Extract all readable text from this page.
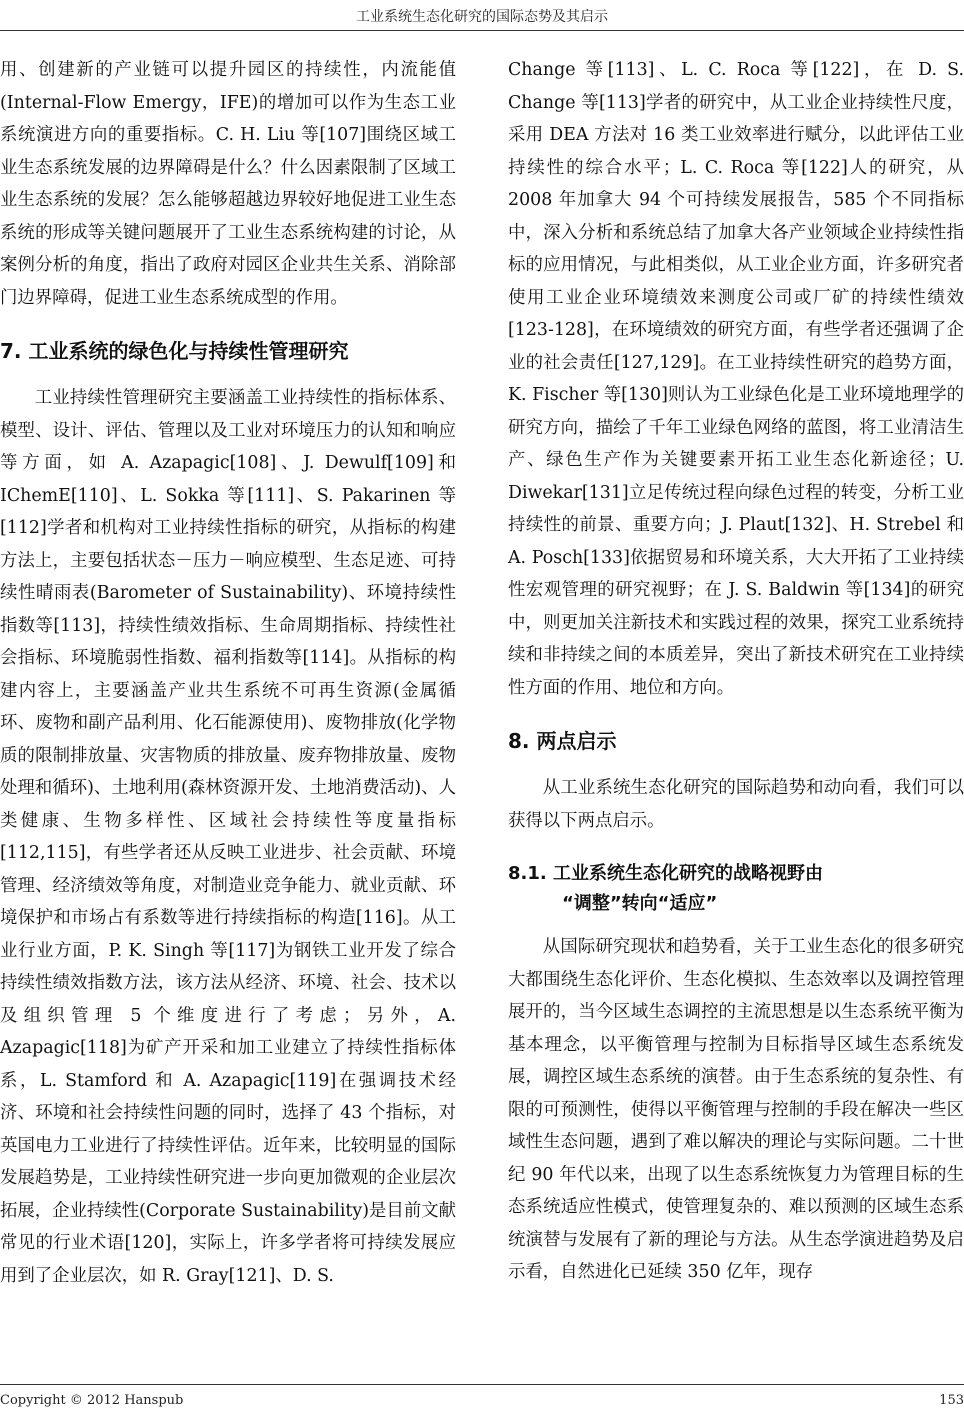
工业系统生态化研究的国际态势及其启示

用、创建新的产业链可以提升园区的持续性，内流能值(Internal-Flow Emergy，IFE)的增加可以作为生态工业系统演进方向的重要指标。C. H. Liu 等[107]围绕区域工业生态系统发展的边界障碍是什么？什么因素限制了区域工业生态系统的发展？怎么能够超越边界较好地促进工业生态系统的形成等关键问题展开了工业生态系统构建的讨论，从案例分析的角度，指出了政府对园区企业共生关系、消除部门边界障碍，促进工业生态系统成型的作用。

7. 工业系统的绿色化与持续性管理研究

工业持续性管理研究主要涵盖工业持续性的指标体系、模型、设计、评估、管理以及工业对环境压力的认知和响应等方面，如 A. Azapagic[108]、J. Dewulf[109]和 IChemE[110]、L. Sokka 等[111]、S. Pakarinen 等[112]学者和机构对工业持续性指标的研究，从指标的构建方法上，主要包括状态－压力－响应模型、生态足迹、可持续性晴雨表(Barometer of Sustainability)、环境持续性指数等[113]，持续性绩效指标、生命周期指标、持续性社会指标、环境脆弱性指数、福利指数等[114]。从指标的构建内容上，主要涵盖产业共生系统不可再生资源(金属循环、废物和副产品利用、化石能源使用)、废物排放(化学物质的限制排放量、灾害物质的排放量、废弃物排放量、废物处理和循环)、土地利用(森林资源开发、土地消费活动)、人类健康、生物多样性、区域社会持续性等度量指标[112,115]，有些学者还从反映工业进步、社会贡献、环境管理、经济绩效等角度，对制造业竞争能力、就业贡献、环境保护和市场占有系数等进行持续指标的构造[116]。从工业行业方面，P. K. Singh 等[117]为钢铁工业开发了综合持续性绩效指数方法，该方法从经济、环境、社会、技术以及组织管理 5 个维度进行了考虑；另外，A. Azapagic[118]为矿产开采和加工业建立了持续性指标体系，L. Stamford 和 A. Azapagic[119]在强调技术经济、环境和社会持续性问题的同时，选择了 43 个指标，对英国电力工业进行了持续性评估。近年来，比较明显的国际发展趋势是，工业持续性研究进一步向更加微观的企业层次拓展，企业持续性(Corporate Sustainability)是目前文献常见的行业术语[120]，实际上，许多学者将可持续发展应用到了企业层次，如 R. Gray[121]、D. S.

Change 等[113]、L. C. Roca 等[122]，在 D. S. Change 等[113]学者的研究中，从工业企业持续性尺度，采用 DEA 方法对 16 类工业效率进行赋分，以此评估工业持续性的综合水平；L. C. Roca 等[122]人的研究，从 2008 年加拿大 94 个可持续发展报告，585 个不同指标中，深入分析和系统总结了加拿大各产业领域企业持续性指标的应用情况，与此相类似，从工业企业方面，许多研究者使用工业企业环境绩效来测度公司或厂矿的持续性绩效[123-128]，在环境绩效的研究方面，有些学者还强调了企业的社会责任[127,129]。在工业持续性研究的趋势方面，K. Fischer 等[130]则认为工业绿色化是工业环境地理学的研究方向，描绘了千年工业绿色网络的蓝图，将工业清洁生产、绿色生产作为关键要素开拓工业生态化新途径；U. Diwekar[131]立足传统过程向绿色过程的转变，分析工业持续性的前景、重要方向；J. Plaut[132]、H. Strebel 和 A. Posch[133]依据贸易和环境关系，大大开拓了工业持续性宏观管理的研究视野；在 J. S. Baldwin 等[134]的研究中，则更加关注新技术和实践过程的效果，探究工业系统持续和非持续之间的本质差异，突出了新技术研究在工业持续性方面的作用、地位和方向。

8. 两点启示

从工业系统生态化研究的国际趋势和动向看，我们可以获得以下两点启示。

8.1. 工业系统生态化研究的战略视野由
“调整”转向“适应”

从国际研究现状和趋势看，关于工业生态化的很多研究大都围绕生态化评价、生态化模拟、生态效率以及调控管理展开的，当今区域生态调控的主流思想是以生态系统平衡为基本理念，以平衡管理与控制为目标指导区域生态系统发展，调控区域生态系统的演替。由于生态系统的复杂性、有限的可预测性，使得以平衡管理与控制的手段在解决一些区域性生态问题，遇到了难以解决的理论与实际问题。二十世纪 90 年代以来，出现了以生态系统恢复力为管理目标的生态系统适应性模式，使管理复杂的、难以预测的区域生态系统演替与发展有了新的理论与方法。从生态学演进趋势及启示看，自然进化已延续 350 亿年，现存

Copyright © 2012 Hanspub	153
